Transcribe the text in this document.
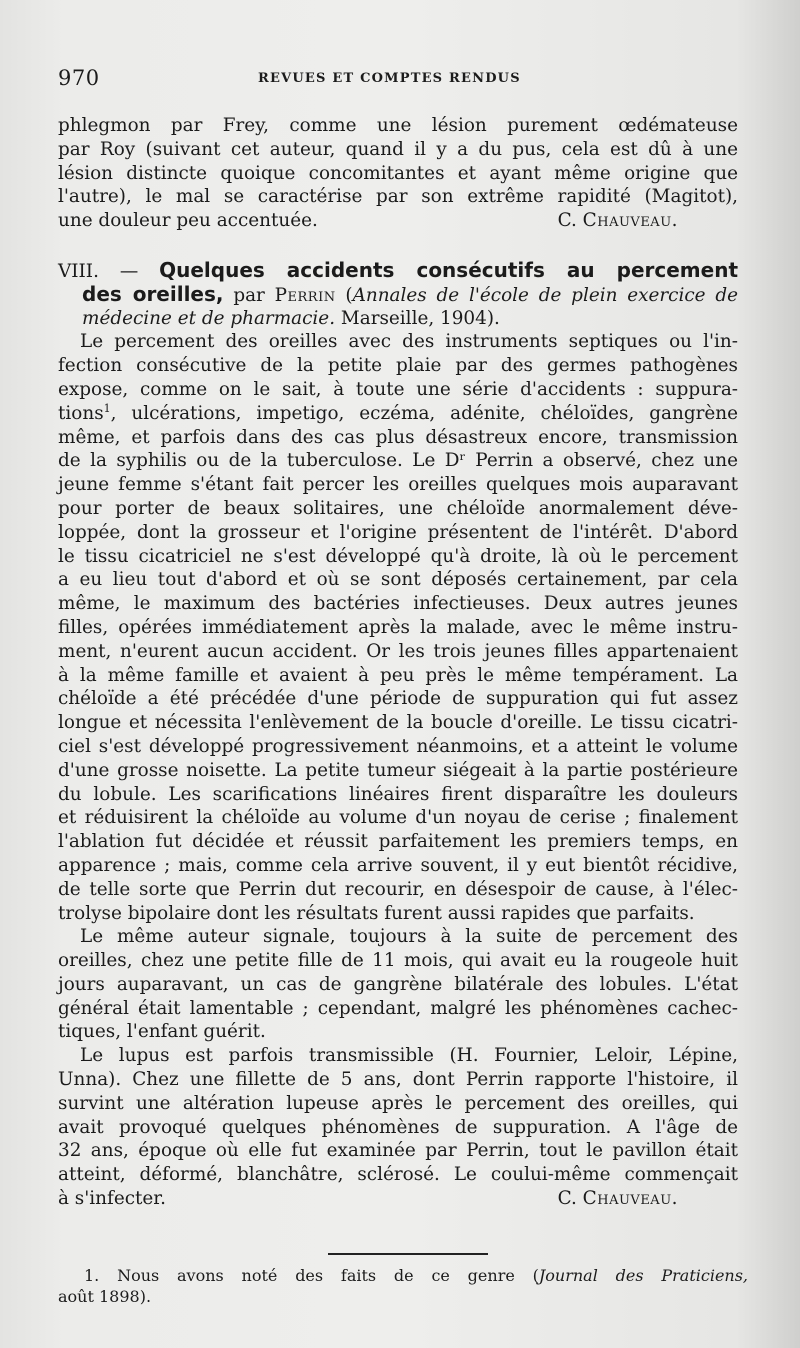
970	REVUES ET COMPTES RENDUS
phlegmon par Frey, comme une lésion purement œdémateuse
par Roy (suivant cet auteur, quand il y a du pus, cela est dû à une
lésion distincte quoique concomitantes et ayant même origine que
l'autre), le mal se caractérise par son extrême rapidité (Magitot),
une douleur peu accentuée.	C. Chauveau.
VIII. — Quelques accidents consécutifs au percement
des oreilles, par Perrin (Annales de l'école de plein exercice de
médecine et de pharmacie. Marseille, 1904).
Le percement des oreilles avec des instruments septiques ou l'in-
fection consécutive de la petite plaie par des germes pathogènes
expose, comme on le sait, à toute une série d'accidents : suppura-
tions$^1$, ulcérations, impetigo, eczéma, adénite, chéloïdes, gangrène
même, et parfois dans des cas plus désastreux encore, transmission
de la syphilis ou de la tuberculose. Le Dʳ Perrin a observé, chez une
jeune femme s'étant fait percer les oreilles quelques mois auparavant
pour porter de beaux solitaires, une chéloïde anormalement déve-
loppée, dont la grosseur et l'origine présentent de l'intérêt. D'abord
le tissu cicatriciel ne s'est développé qu'à droite, là où le percement
a eu lieu tout d'abord et où se sont déposés certainement, par cela
même, le maximum des bactéries infectieuses. Deux autres jeunes
filles, opérées immédiatement après la malade, avec le même instru-
ment, n'eurent aucun accident. Or les trois jeunes filles appartenaient
à la même famille et avaient à peu près le même tempérament. La
chéloïde a été précédée d'une période de suppuration qui fut assez
longue et nécessita l'enlèvement de la boucle d'oreille. Le tissu cicatri-
ciel s'est développé progressivement néanmoins, et a atteint le volume
d'une grosse noisette. La petite tumeur siégeait à la partie postérieure
du lobule. Les scarifications linéaires firent disparaître les douleurs
et réduisirent la chéloïde au volume d'un noyau de cerise ; finalement
l'ablation fut décidée et réussit parfaitement les premiers temps, en
apparence ; mais, comme cela arrive souvent, il y eut bientôt récidive,
de telle sorte que Perrin dut recourir, en désespoir de cause, à l'élec-
trolyse bipolaire dont les résultats furent aussi rapides que parfaits.
Le même auteur signale, toujours à la suite de percement des
oreilles, chez une petite fille de 11 mois, qui avait eu la rougeole huit
jours auparavant, un cas de gangrène bilatérale des lobules. L'état
général était lamentable ; cependant, malgré les phénomènes cachec-
tiques, l'enfant guérit.
Le lupus est parfois transmissible (H. Fournier, Leloir, Lépine,
Unna). Chez une fillette de 5 ans, dont Perrin rapporte l'histoire, il
survint une altération lupeuse après le percement des oreilles, qui
avait provoqué quelques phénomènes de suppuration. A l'âge de
32 ans, époque où elle fut examinée par Perrin, tout le pavillon était
atteint, déformé, blanchâtre, sclérosé. Le coului-même commençait
à s'infecter.	C. Chauveau.
1. Nous avons noté des faits de ce genre (Journal des Praticiens,
août 1898).
